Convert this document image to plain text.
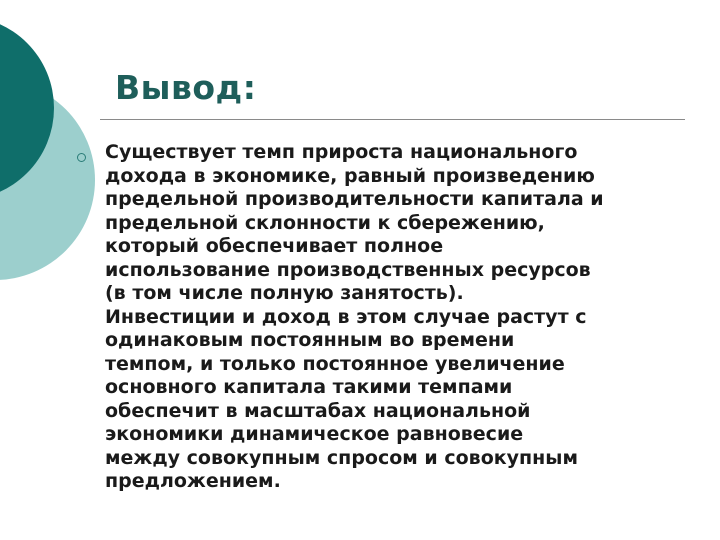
Вывод:

Существует темп прироста национального
дохода в экономике, равный произведению
предельной производительности капитала и
предельной склонности к сбережению,
который обеспечивает полное
использование производственных ресурсов
(в том числе полную занятость).
Инвестиции и доход в этом случае растут с
одинаковым постоянным во времени
темпом, и только постоянное увеличение
основного капитала такими темпами
обеспечит в масштабах национальной
экономики динамическое равновесие
между совокупным спросом и совокупным
предложением.
